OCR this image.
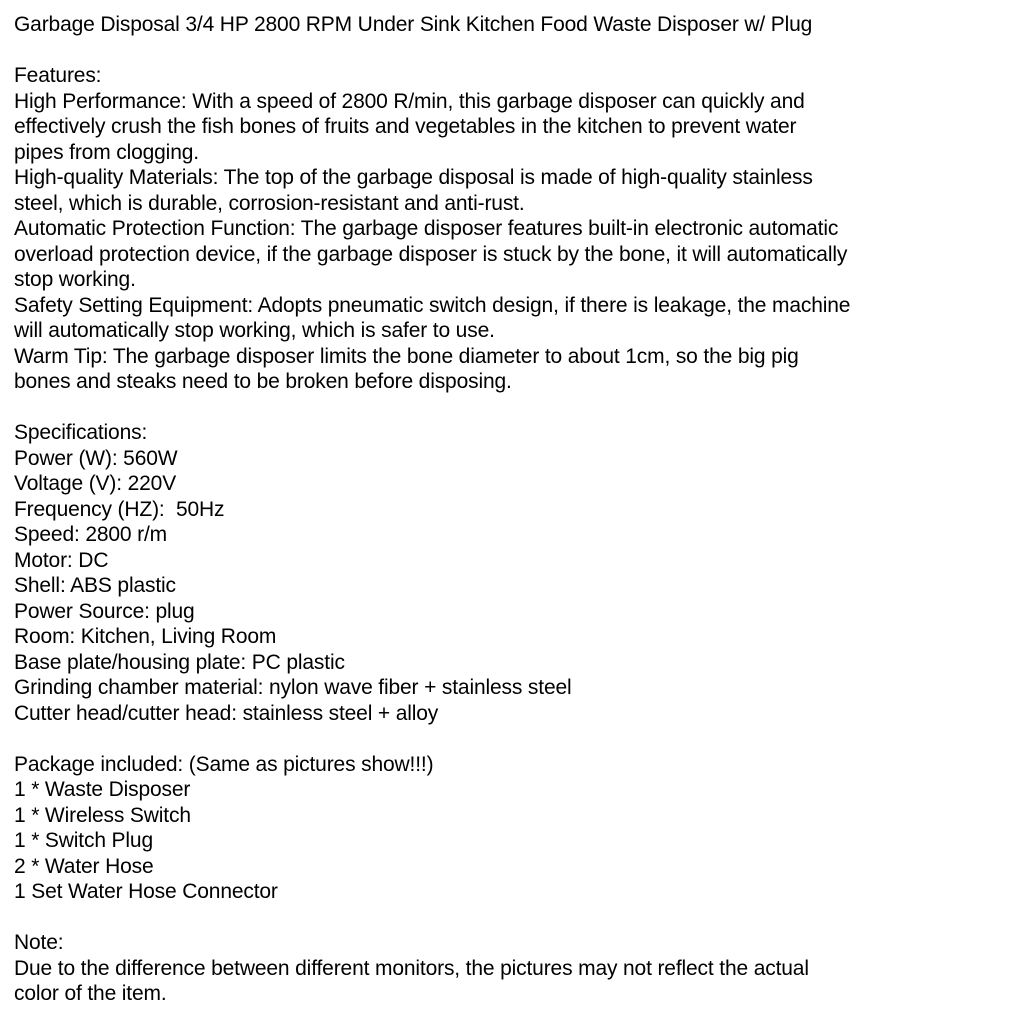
Garbage Disposal 3/4 HP 2800 RPM Under Sink Kitchen Food Waste Disposer w/ Plug
Features:
High Performance: With a speed of 2800 R/min, this garbage disposer can quickly and
effectively crush the fish bones of fruits and vegetables in the kitchen to prevent water
pipes from clogging.
High-quality Materials: The top of the garbage disposal is made of high-quality stainless
steel, which is durable, corrosion-resistant and anti-rust.
Automatic Protection Function: The garbage disposer features built-in electronic automatic
overload protection device, if the garbage disposer is stuck by the bone, it will automatically
stop working.
Safety Setting Equipment: Adopts pneumatic switch design, if there is leakage, the machine
will automatically stop working, which is safer to use.
Warm Tip: The garbage disposer limits the bone diameter to about 1cm, so the big pig
bones and steaks need to be broken before disposing.
Specifications:
Power (W): 560W
Voltage (V): 220V
Frequency (HZ):  50Hz
Speed: 2800 r/m
Motor: DC
Shell: ABS plastic
Power Source: plug
Room: Kitchen, Living Room
Base plate/housing plate: PC plastic
Grinding chamber material: nylon wave fiber + stainless steel
Cutter head/cutter head: stainless steel + alloy
Package included: (Same as pictures show!!!)
1 * Waste Disposer
1 * Wireless Switch
1 * Switch Plug
2 * Water Hose
1 Set Water Hose Connector
Note:
Due to the difference between different monitors, the pictures may not reflect the actual
color of the item.
